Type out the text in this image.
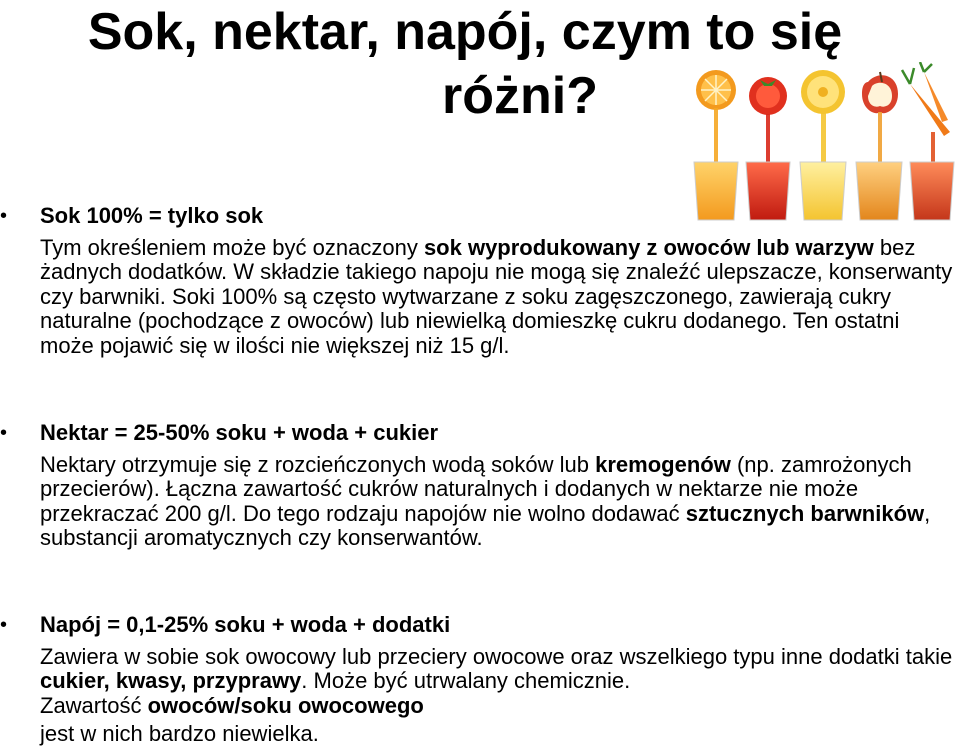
Sok, nektar, napój, czym to się
różni?
•
•
•
Sok 100% = tylko sok

Tym określeniem może być oznaczony sok wyprodukowany z owoców lub warzyw bez żadnych dodatków. W składzie takiego napoju nie mogą się znaleźć ulepszacze, konserwanty czy barwniki. Soki 100% są często wytwarzane z soku zagęszczonego, zawierają cukry naturalne (pochodzące z owoców) lub niewielką domieszkę cukru dodanego. Ten ostatni może pojawić się w ilości nie większej niż 15 g/l.

Nektar = 25-50% soku + woda + cukier

Nektary otrzymuje się z rozcieńczonych wodą soków lub kremogenów (np. zamrożonych przecierów). Łączna zawartość cukrów naturalnych i dodanych w nektarze nie może przekraczać 200 g/l. Do tego rodzaju napojów nie wolno dodawać sztucznych barwników, substancji aromatycznych czy konserwantów.

Napój = 0,1-25% soku + woda + dodatki

Zawiera w sobie sok owocowy lub przeciery owocowe oraz wszelkiego typu inne dodatki takie cukier, kwasy, przyprawy. Może być utrwalany chemicznie.
Zawartość owoców/soku owocowego
jest w nich bardzo niewielka.
